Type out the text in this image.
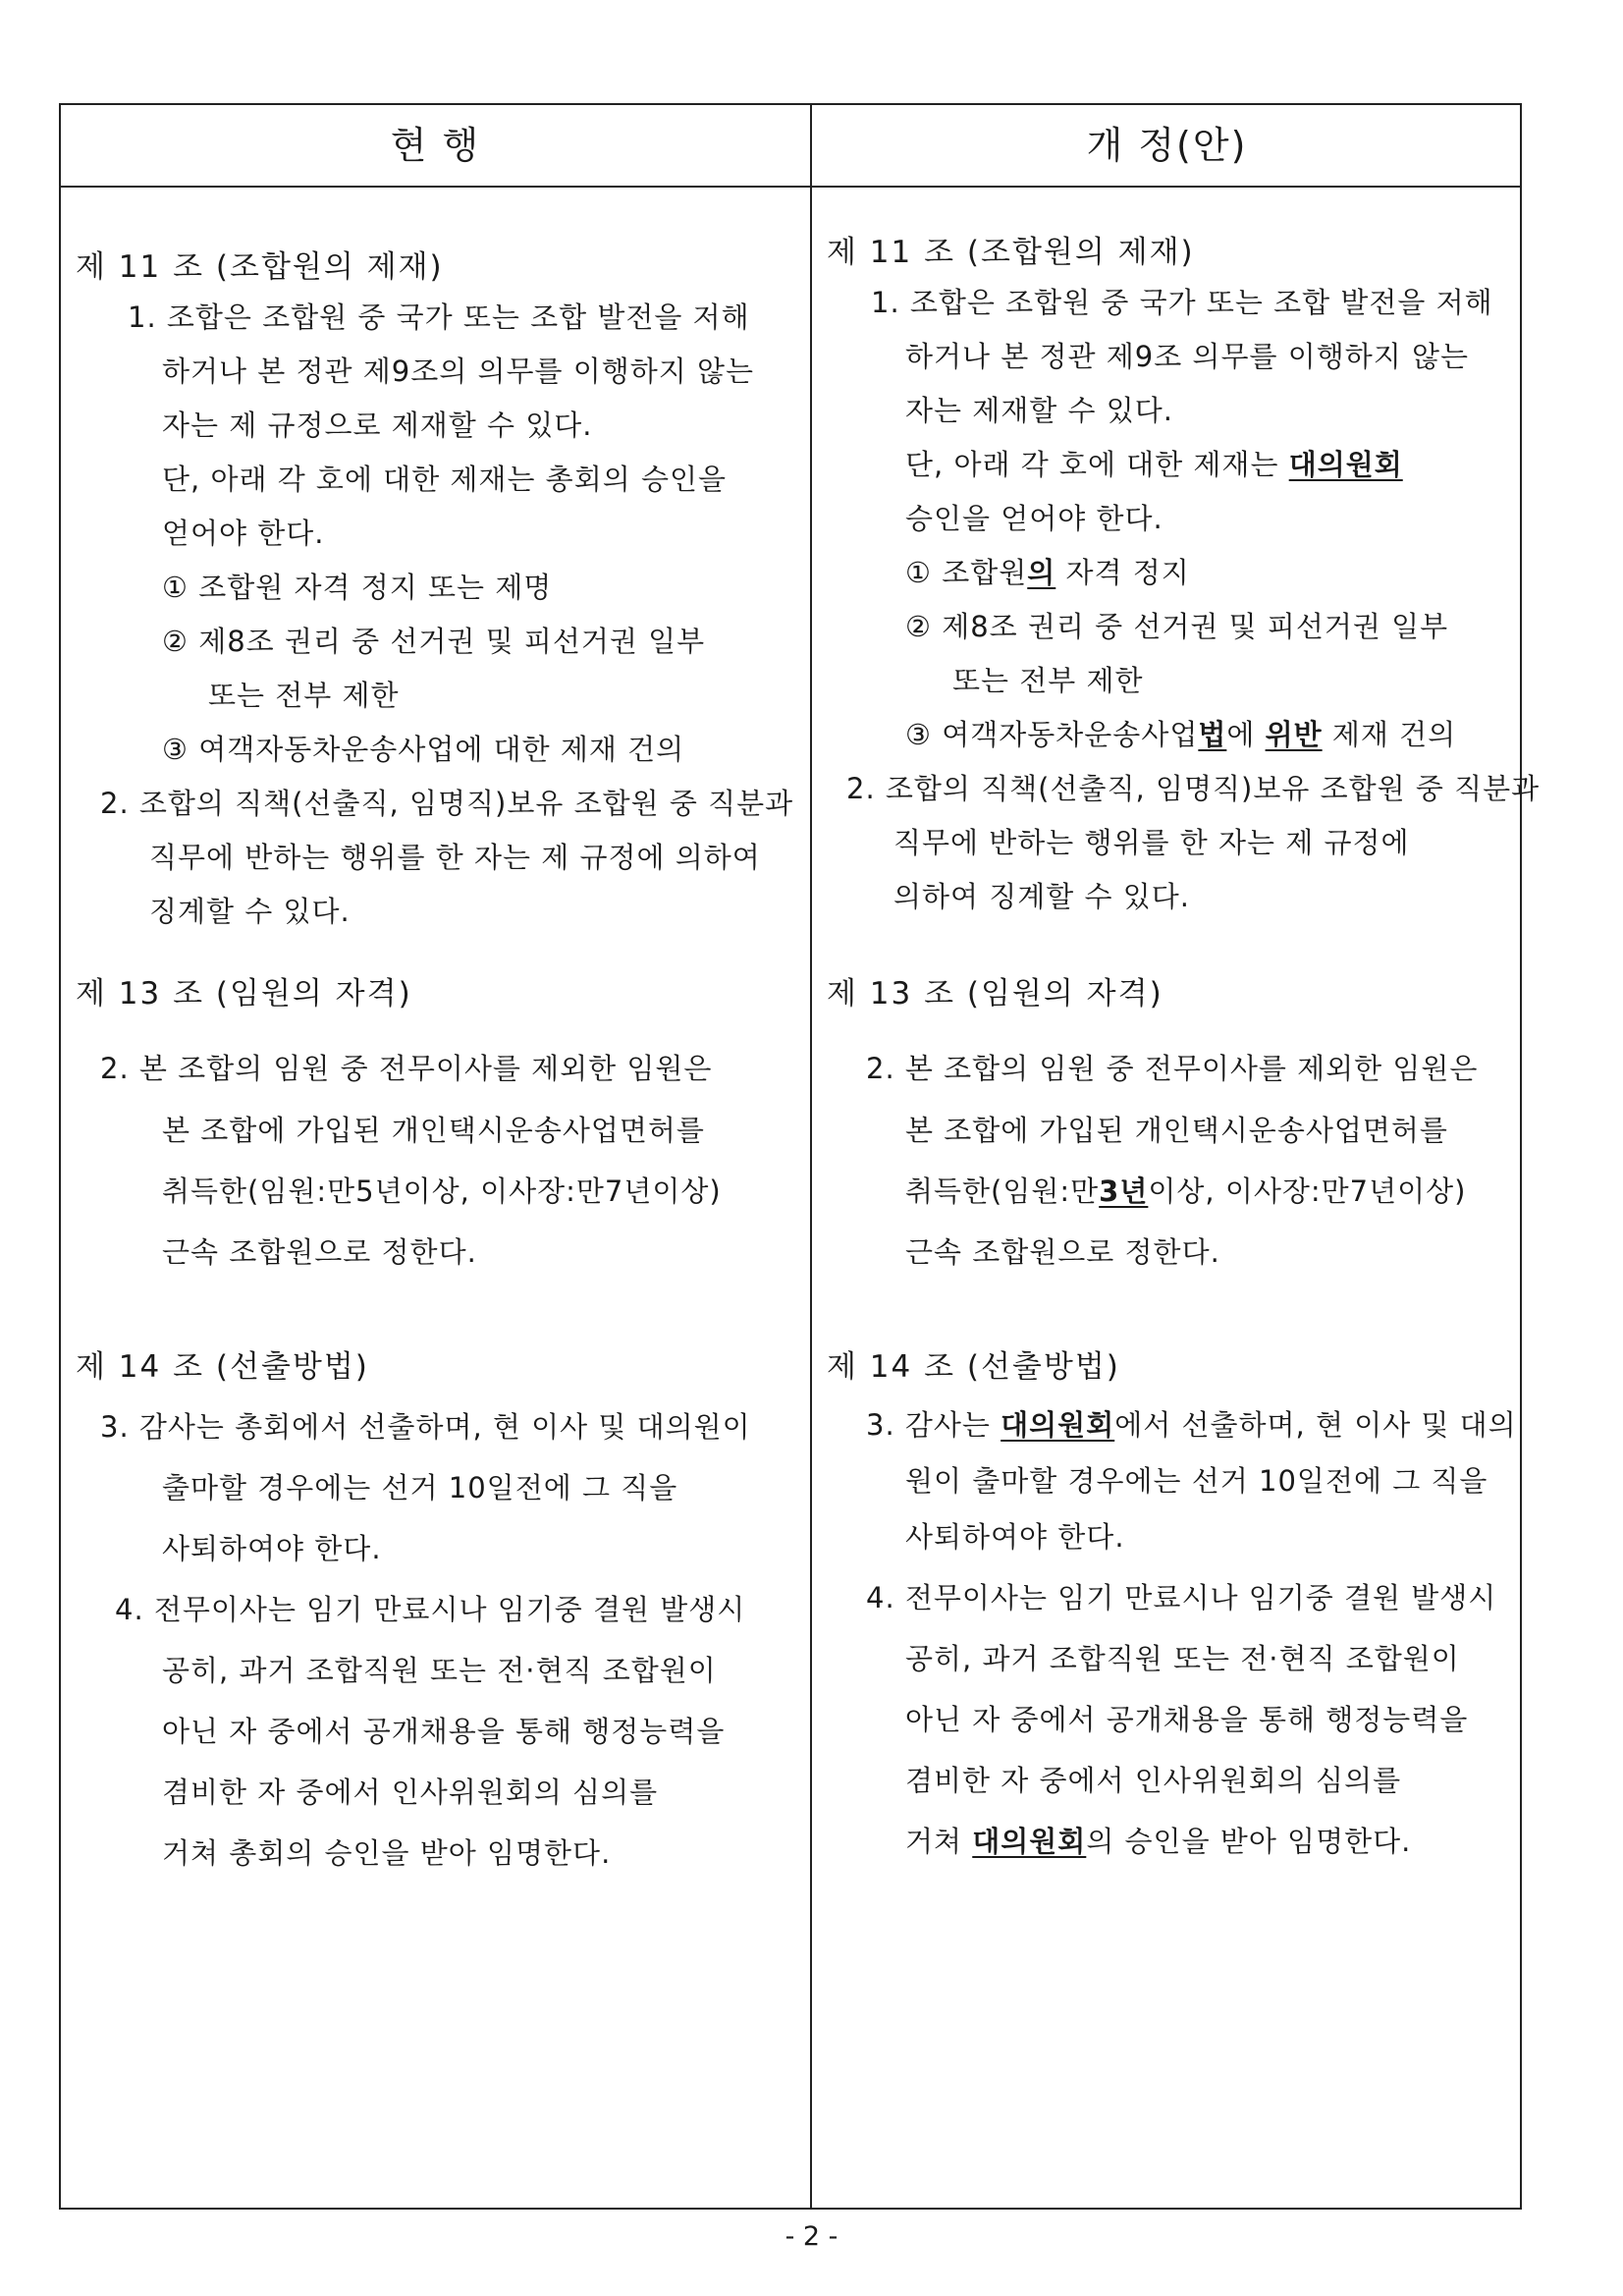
현 행	개 정(안)
제 11 조 (조합원의 제재)
1. 조합은 조합원 중 국가 또는 조합 발전을 저해
하거나 본 정관 제9조의 의무를 이행하지 않는
자는 제 규정으로 제재할 수 있다.
단, 아래 각 호에 대한 제재는 총회의 승인을
얻어야 한다.
① 조합원 자격 정지 또는 제명
② 제8조 권리 중 선거권 및 피선거권 일부
또는 전부 제한
③ 여객자동차운송사업에 대한 제재 건의
2. 조합의 직책(선출직, 임명직)보유 조합원 중 직분과
직무에 반하는 행위를 한 자는 제 규정에 의하여
징계할 수 있다.
제 13 조 (임원의 자격)
2. 본 조합의 임원 중 전무이사를 제외한 임원은
본 조합에 가입된 개인택시운송사업면허를
취득한(임원:만5년이상, 이사장:만7년이상)
근속 조합원으로 정한다.
제 14 조 (선출방법)
3. 감사는 총회에서 선출하며, 현 이사 및 대의원이
출마할 경우에는 선거 10일전에 그 직을
사퇴하여야 한다.
4. 전무이사는 임기 만료시나 임기중 결원 발생시
공히, 과거 조합직원 또는 전·현직 조합원이
아닌 자 중에서 공개채용을 통해 행정능력을
겸비한 자 중에서 인사위원회의 심의를
거쳐 총회의 승인을 받아 임명한다.
제 11 조 (조합원의 제재)
1. 조합은 조합원 중 국가 또는 조합 발전을 저해
하거나 본 정관 제9조 의무를 이행하지 않는
자는 제재할 수 있다.
단, 아래 각 호에 대한 제재는 대의원회
승인을 얻어야 한다.
① 조합원의 자격 정지
② 제8조 권리 중 선거권 및 피선거권 일부
또는 전부 제한
③ 여객자동차운송사업법에 위반 제재 건의
2. 조합의 직책(선출직, 임명직)보유 조합원 중 직분과
직무에 반하는 행위를 한 자는 제 규정에
의하여 징계할 수 있다.
제 13 조 (임원의 자격)
2. 본 조합의 임원 중 전무이사를 제외한 임원은
본 조합에 가입된 개인택시운송사업면허를
취득한(임원:만3년이상, 이사장:만7년이상)
근속 조합원으로 정한다.
제 14 조 (선출방법)
3. 감사는 대의원회에서 선출하며, 현 이사 및 대의
원이 출마할 경우에는 선거 10일전에 그 직을
사퇴하여야 한다.
4. 전무이사는 임기 만료시나 임기중 결원 발생시
공히, 과거 조합직원 또는 전·현직 조합원이
아닌 자 중에서 공개채용을 통해 행정능력을
겸비한 자 중에서 인사위원회의 심의를
거쳐 대의원회의 승인을 받아 임명한다.
- 2 -
